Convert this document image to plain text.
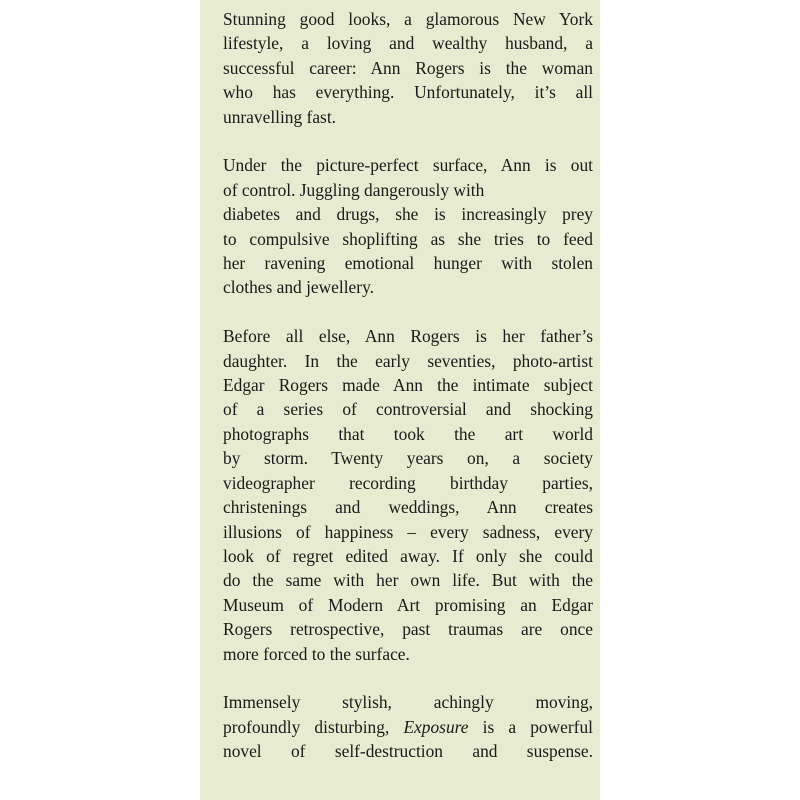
Stunning good looks, a glamorous New York
lifestyle, a loving and wealthy husband, a
successful career: Ann Rogers is the woman
who has everything. Unfortunately, it’s all
unravelling fast.

Under the picture-perfect surface, Ann is out
of control. Juggling dangerously with
diabetes and drugs, she is increasingly prey
to compulsive shoplifting as she tries to feed
her ravening emotional hunger with stolen
clothes and jewellery.

Before all else, Ann Rogers is her father’s
daughter. In the early seventies, photo-artist
Edgar Rogers made Ann the intimate subject
of a series of controversial and shocking
photographs that took the art world
by storm. Twenty years on, a society
videographer recording birthday parties,
christenings and weddings, Ann creates
illusions of happiness – every sadness, every
look of regret edited away. If only she could
do the same with her own life. But with the
Museum of Modern Art promising an Edgar
Rogers retrospective, past traumas are once
more forced to the surface.

Immensely stylish, achingly moving,
profoundly disturbing, Exposure is a powerful
novel of self-destruction and suspense.
